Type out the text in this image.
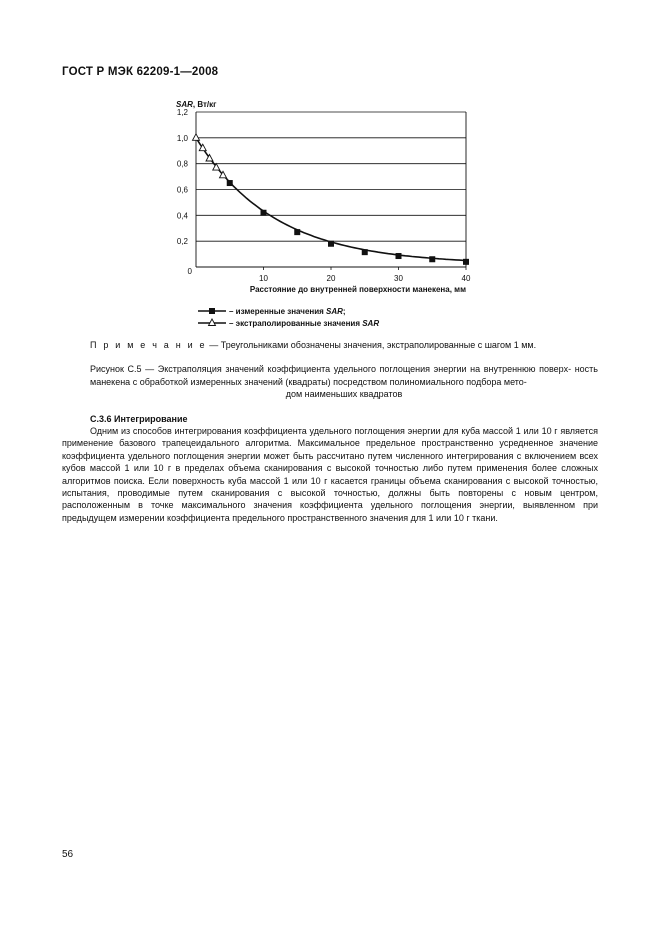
ГОСТ Р МЭК 62209-1—2008
0,2
0,4
0,6
0,8
1,0
1,2
0
10	20	30	40
SAR, Вт/кг
Расстояние до внутренней поверхности манекена, мм
– измеренные значения SAR;
– экстраполированные значения SAR
П р и м е ч а н и е — Треугольниками обозначены значения, экстраполированные с шагом 1 мм.
Рисунок С.5 — Экстраполяция значений коэффициента удельного поглощения энергии на внутреннюю поверх- ность манекена с обработкой измеренных значений (квадраты) посредством полиномиального подбора мето-
дом наименьших квадратов
С.3.6 Интегрирование
Одним из способов интегрирования коэффициента удельного поглощения энергии для куба массой 1 или 10 г является применение базового трапецеидального алгоритма. Максимальное предельное пространственно усредненное значение коэффициента удельного поглощения энергии может быть рассчитано путем численного интегрирования с включением всех кубов массой 1 или 10 г в пределах объема сканирования с высокой точностью либо путем применения более сложных алгоритмов поиска. Если поверхность куба массой 1 или 10 г касается границы объема сканирования с высокой точностью, испытания, проводимые путем сканирования с высокой точностью, должны быть повторены с новым центром, расположенным в точке максимального значения коэффициента удельного поглощения энергии, выявленном при предыдущем измерении коэффициента предельного пространственного значения для 1 или 10 г ткани.
56
